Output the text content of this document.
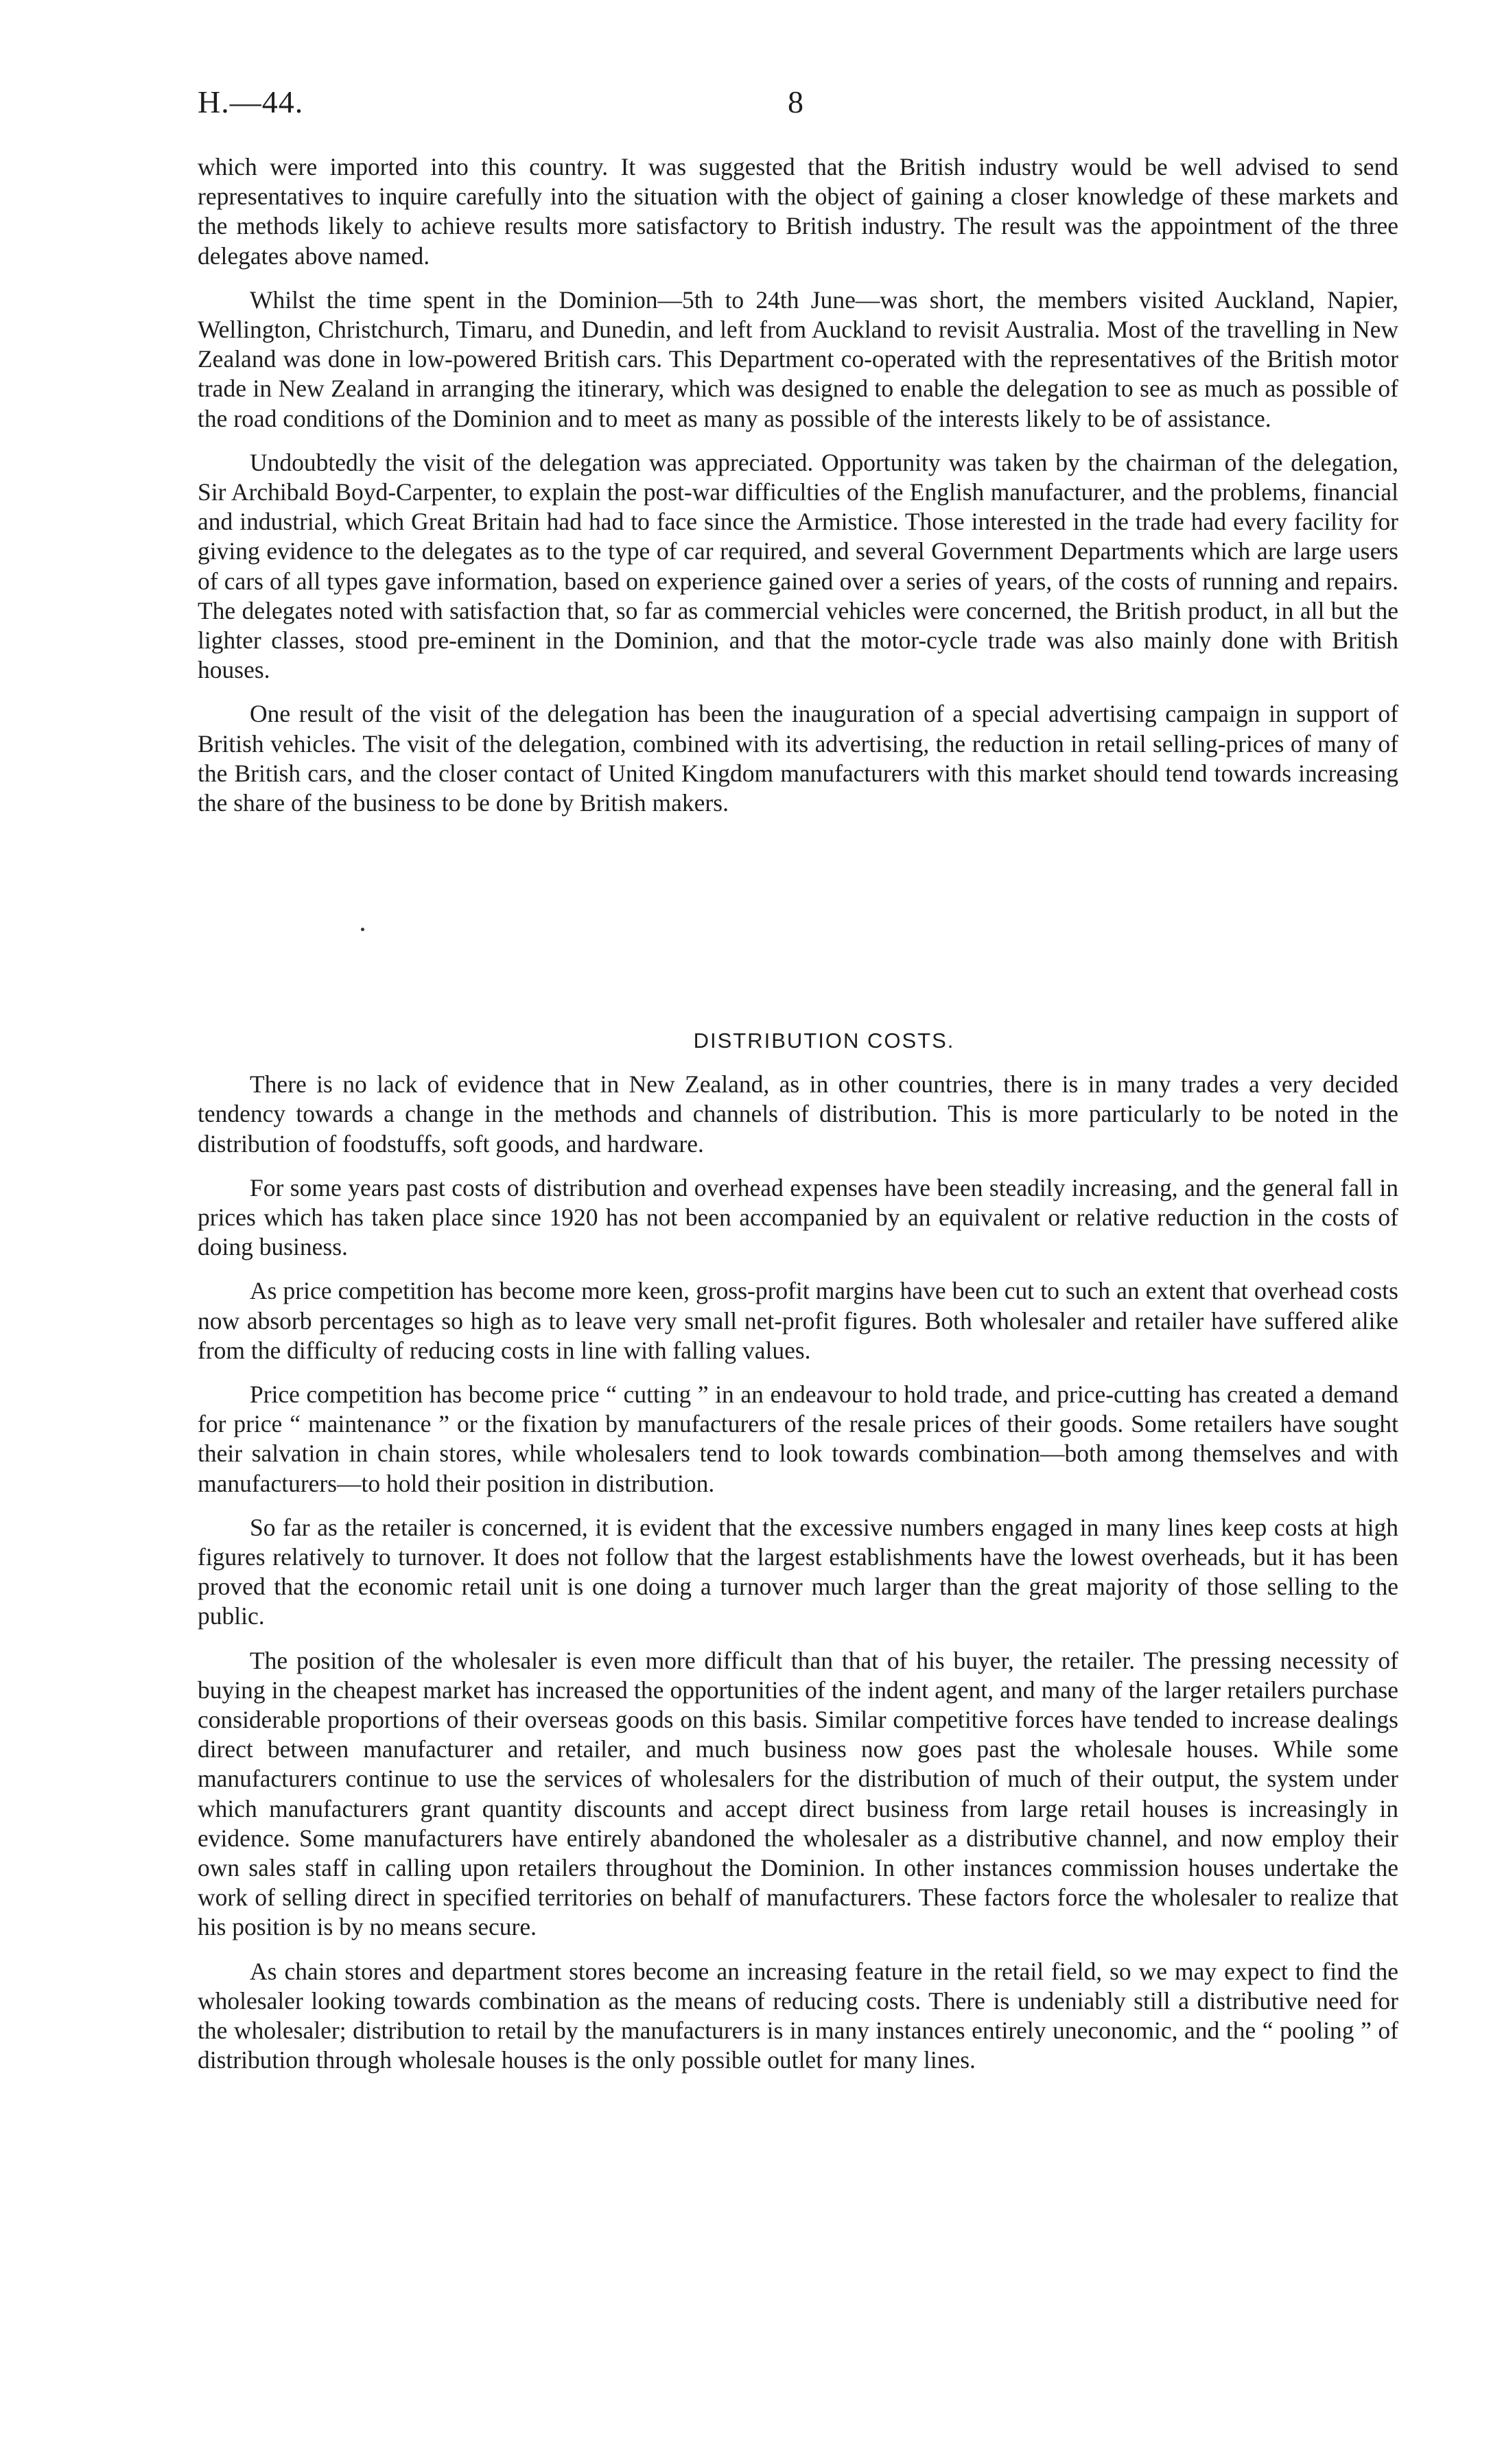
H.—44.	8

which were imported into this country. It was suggested that the British industry would be well advised to send representatives to inquire carefully into the situation with the object of gaining a closer knowledge of these markets and the methods likely to achieve results more satisfactory to British industry. The result was the appointment of the three delegates above named.

Whilst the time spent in the Dominion—5th to 24th June—was short, the members visited Auckland, Napier, Wellington, Christchurch, Timaru, and Dunedin, and left from Auckland to revisit Australia. Most of the travelling in New Zealand was done in low-powered British cars. This Department co-operated with the representatives of the British motor trade in New Zealand in arranging the itinerary, which was designed to enable the delegation to see as much as possible of the road conditions of the Dominion and to meet as many as possible of the interests likely to be of assistance.

Undoubtedly the visit of the delegation was appreciated. Opportunity was taken by the chairman of the delegation, Sir Archibald Boyd-Carpenter, to explain the post-war difficulties of the English manufacturer, and the problems, financial and industrial, which Great Britain had had to face since the Armistice. Those interested in the trade had every facility for giving evidence to the delegates as to the type of car required, and several Government Departments which are large users of cars of all types gave information, based on experience gained over a series of years, of the costs of running and repairs. The delegates noted with satisfaction that, so far as commercial vehicles were concerned, the British product, in all but the lighter classes, stood pre-eminent in the Dominion, and that the motor-cycle trade was also mainly done with British houses.

One result of the visit of the delegation has been the inauguration of a special advertising campaign in support of British vehicles. The visit of the delegation, combined with its advertising, the reduction in retail selling-prices of many of the British cars, and the closer contact of United Kingdom manufacturers with this market should tend towards increasing the share of the business to be done by British makers.

DISTRIBUTION COSTS.

There is no lack of evidence that in New Zealand, as in other countries, there is in many trades a very decided tendency towards a change in the methods and channels of distribution. This is more particularly to be noted in the distribution of foodstuffs, soft goods, and hardware.

For some years past costs of distribution and overhead expenses have been steadily increasing, and the general fall in prices which has taken place since 1920 has not been accompanied by an equivalent or relative reduction in the costs of doing business.

As price competition has become more keen, gross-profit margins have been cut to such an extent that overhead costs now absorb percentages so high as to leave very small net-profit figures. Both wholesaler and retailer have suffered alike from the difficulty of reducing costs in line with falling values.

Price competition has become price “ cutting ” in an endeavour to hold trade, and price-cutting has created a demand for price “ maintenance ” or the fixation by manufacturers of the resale prices of their goods. Some retailers have sought their salvation in chain stores, while wholesalers tend to look towards combination—both among themselves and with manufacturers—to hold their position in distribution.

So far as the retailer is concerned, it is evident that the excessive numbers engaged in many lines keep costs at high figures relatively to turnover. It does not follow that the largest establishments have the lowest overheads, but it has been proved that the economic retail unit is one doing a turnover much larger than the great majority of those selling to the public.

The position of the wholesaler is even more difficult than that of his buyer, the retailer. The pressing necessity of buying in the cheapest market has increased the opportunities of the indent agent, and many of the larger retailers purchase considerable proportions of their overseas goods on this basis. Similar competitive forces have tended to increase dealings direct between manufacturer and retailer, and much business now goes past the wholesale houses. While some manufacturers continue to use the services of wholesalers for the distribution of much of their output, the system under which manufacturers grant quantity discounts and accept direct business from large retail houses is increasingly in evidence. Some manufacturers have entirely abandoned the wholesaler as a distributive channel, and now employ their own sales staff in calling upon retailers throughout the Dominion. In other instances commission houses undertake the work of selling direct in specified territories on behalf of manufacturers. These factors force the wholesaler to realize that his position is by no means secure.

As chain stores and department stores become an increasing feature in the retail field, so we may expect to find the wholesaler looking towards combination as the means of reducing costs. There is undeniably still a distributive need for the wholesaler; distribution to retail by the manufacturers is in many instances entirely uneconomic, and the “ pooling ” of distribution through wholesale houses is the only possible outlet for many lines.
